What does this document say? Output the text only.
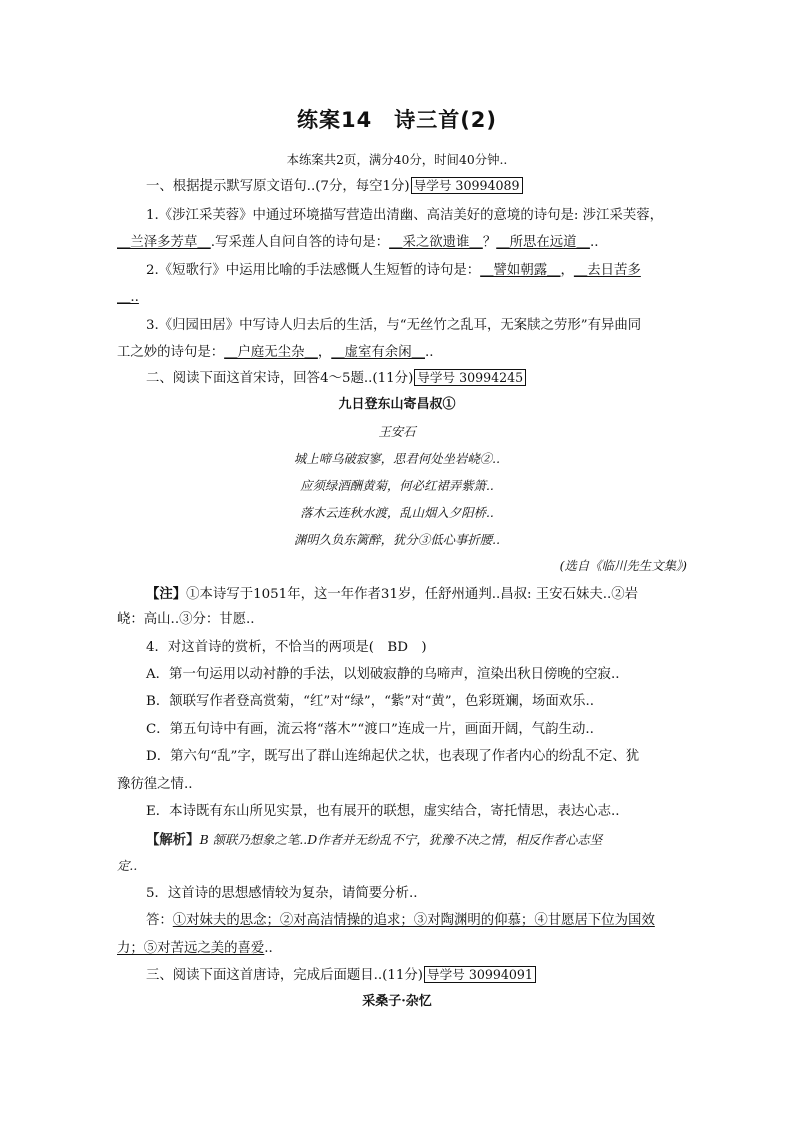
练案14　诗三首(2)
本练案共2页，满分40分，时间40分钟..
一、根据提示默写原文语句..(7分，每空1分) 导学号 30994089
1.《涉江采芙蓉》中通过环境描写营造出清幽、高洁美好的意境的诗句是: 涉江采芙蓉，
＿兰泽多芳草＿.写采莲人自问自答的诗句是：＿采之欲遗谁＿？＿所思在远道＿..
2.《短歌行》中运用比喻的手法感慨人生短暂的诗句是：＿譬如朝露＿，＿去日苦多
＿..
3.《归园田居》中写诗人归去后的生活，与“无丝竹之乱耳，无案牍之劳形”有异曲同
工之妙的诗句是：＿户庭无尘杂＿，＿虚室有余闲＿..
二、阅读下面这首宋诗，回答4～5题..(11分) 导学号 30994245
九日登东山寄昌叔①
王安石
城上啼乌破寂寥，思君何处坐岩峣②..
应须绿酒酬黄菊，何必红裙弄紫箫..
落木云连秋水渡，乱山烟入夕阳桥..
渊明久负东篱醉，犹分③低心事折腰..
(选自《临川先生文集》)
【注】①本诗写于1051年，这一年作者31岁，任舒州通判..昌叔: 王安石妹夫..②岩
峣：高山..③分：甘愿..
4．对这首诗的赏析，不恰当的两项是(　BD　)
A．第一句运用以动衬静的手法，以划破寂静的乌啼声，渲染出秋日傍晚的空寂..
B．颔联写作者登高赏菊，“红”对“绿”，“紫”对“黄”，色彩斑斓，场面欢乐..
C．第五句诗中有画，流云将“落木”“渡口”连成一片，画面开阔，气韵生动..
D．第六句“乱”字，既写出了群山连绵起伏之状，也表现了作者内心的纷乱不定、犹
豫彷徨之情..
E．本诗既有东山所见实景，也有展开的联想，虚实结合，寄托情思，表达心志..
【解析】B 颔联乃想象之笔..D作者并无纷乱不宁，犹豫不决之情，相反作者心志坚
定..
5．这首诗的思想感情较为复杂，请简要分析..
答：①对妹夫的思念；②对高洁情操的追求；③对陶渊明的仰慕；④甘愿居下位为国效
力；⑤对苦远之美的喜爱..
三、阅读下面这首唐诗，完成后面题目..(11分) 导学号 30994091
采桑子·杂忆
